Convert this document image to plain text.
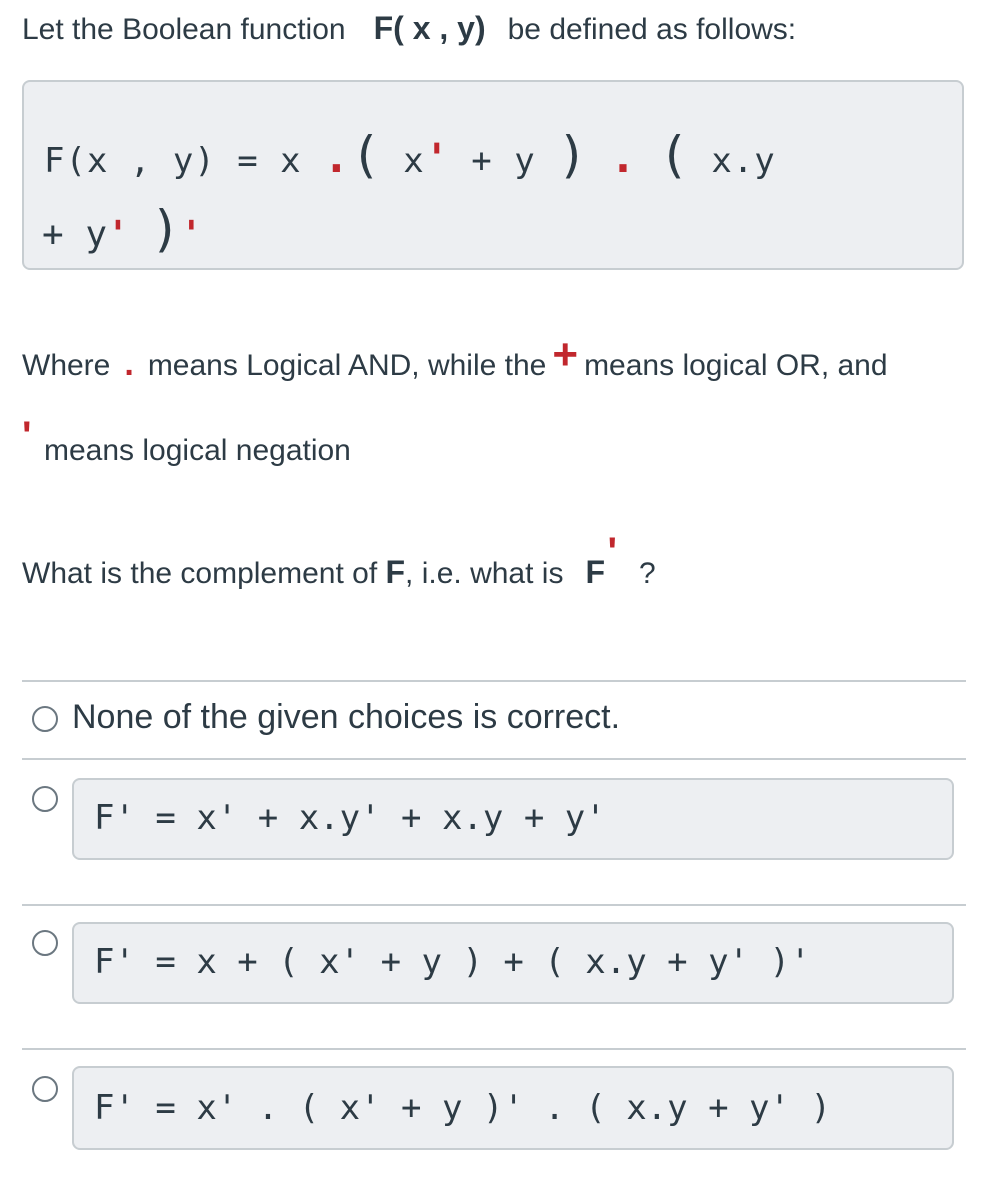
Let the Boolean function F( x , y) be defined as follows:
F(x , y) = x .( x' + y ) . ( x.y
+ y' )'
Where . means Logical AND, while the + means logical OR, and
' means logical negation
What is the complement of F, i.e. what is F ' ?
None of the given choices is correct.
F' = x' + x.y' + x.y + y'
F' = x + ( x' + y ) + ( x.y + y' )'
F' = x' . ( x' + y )' . ( x.y + y' )
